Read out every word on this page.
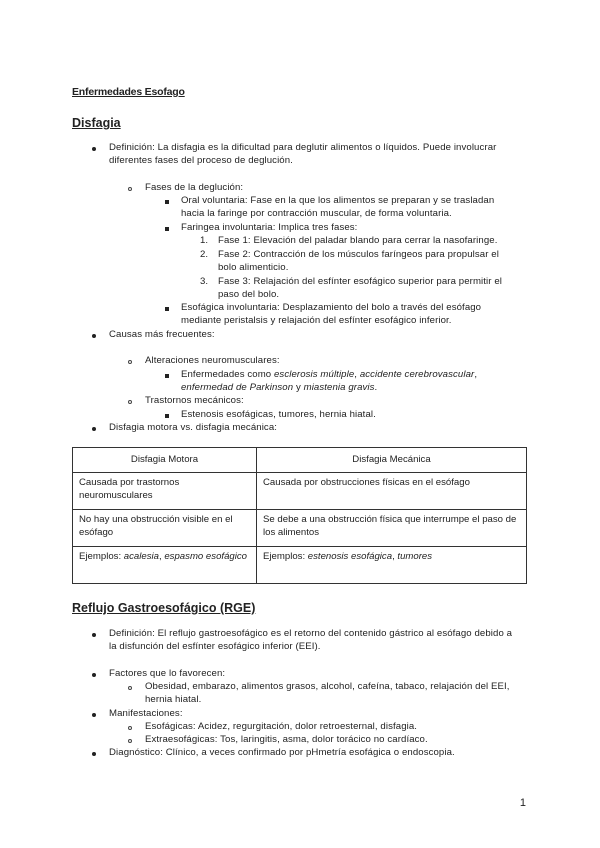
Enfermedades Esofago
Disfagia
Definición: La disfagia es la dificultad para deglutir alimentos o líquidos. Puede involucrar
diferentes fases del proceso de deglución.
Fases de la deglución:
Oral voluntaria: Fase en la que los alimentos se preparan y se trasladan
hacia la faringe por contracción muscular, de forma voluntaria.
Faringea involuntaria: Implica tres fases:
1. Fase 1: Elevación del paladar blando para cerrar la nasofaringe.
2. Fase 2: Contracción de los músculos faríngeos para propulsar el
bolo alimenticio.
3. Fase 3: Relajación del esfínter esofágico superior para permitir el
paso del bolo.
Esofágica involuntaria: Desplazamiento del bolo a través del esófago
mediante peristalsis y relajación del esfínter esofágico inferior.
Causas más frecuentes:
Alteraciones neuromusculares:
Enfermedades como esclerosis múltiple, accidente cerebrovascular,
enfermedad de Parkinson y miastenia gravis.
Trastornos mecánicos:
Estenosis esofágicas, tumores, hernia hiatal.
Disfagia motora vs. disfagia mecánica:
Disfagia Motora	Disfagia Mecánica
Causada por trastornos neuromusculares	Causada por obstrucciones físicas en el esófago
No hay una obstrucción visible en el esófago	Se debe a una obstrucción física que interrumpe el paso de los alimentos
Ejemplos: acalesia, espasmo esofágico	Ejemplos: estenosis esofágica, tumores
Reflujo Gastroesofágico (RGE)
Definición: El reflujo gastroesofágico es el retorno del contenido gástrico al esófago debido a
la disfunción del esfínter esofágico inferior (EEI).
Factores que lo favorecen:
Obesidad, embarazo, alimentos grasos, alcohol, cafeína, tabaco, relajación del EEI,
hernia hiatal.
Manifestaciones:
Esofágicas: Acidez, regurgitación, dolor retroesternal, disfagia.
Extraesofágicas: Tos, laringitis, asma, dolor torácico no cardíaco.
Diagnóstico: Clínico, a veces confirmado por pHmetría esofágica o endoscopia.
1
